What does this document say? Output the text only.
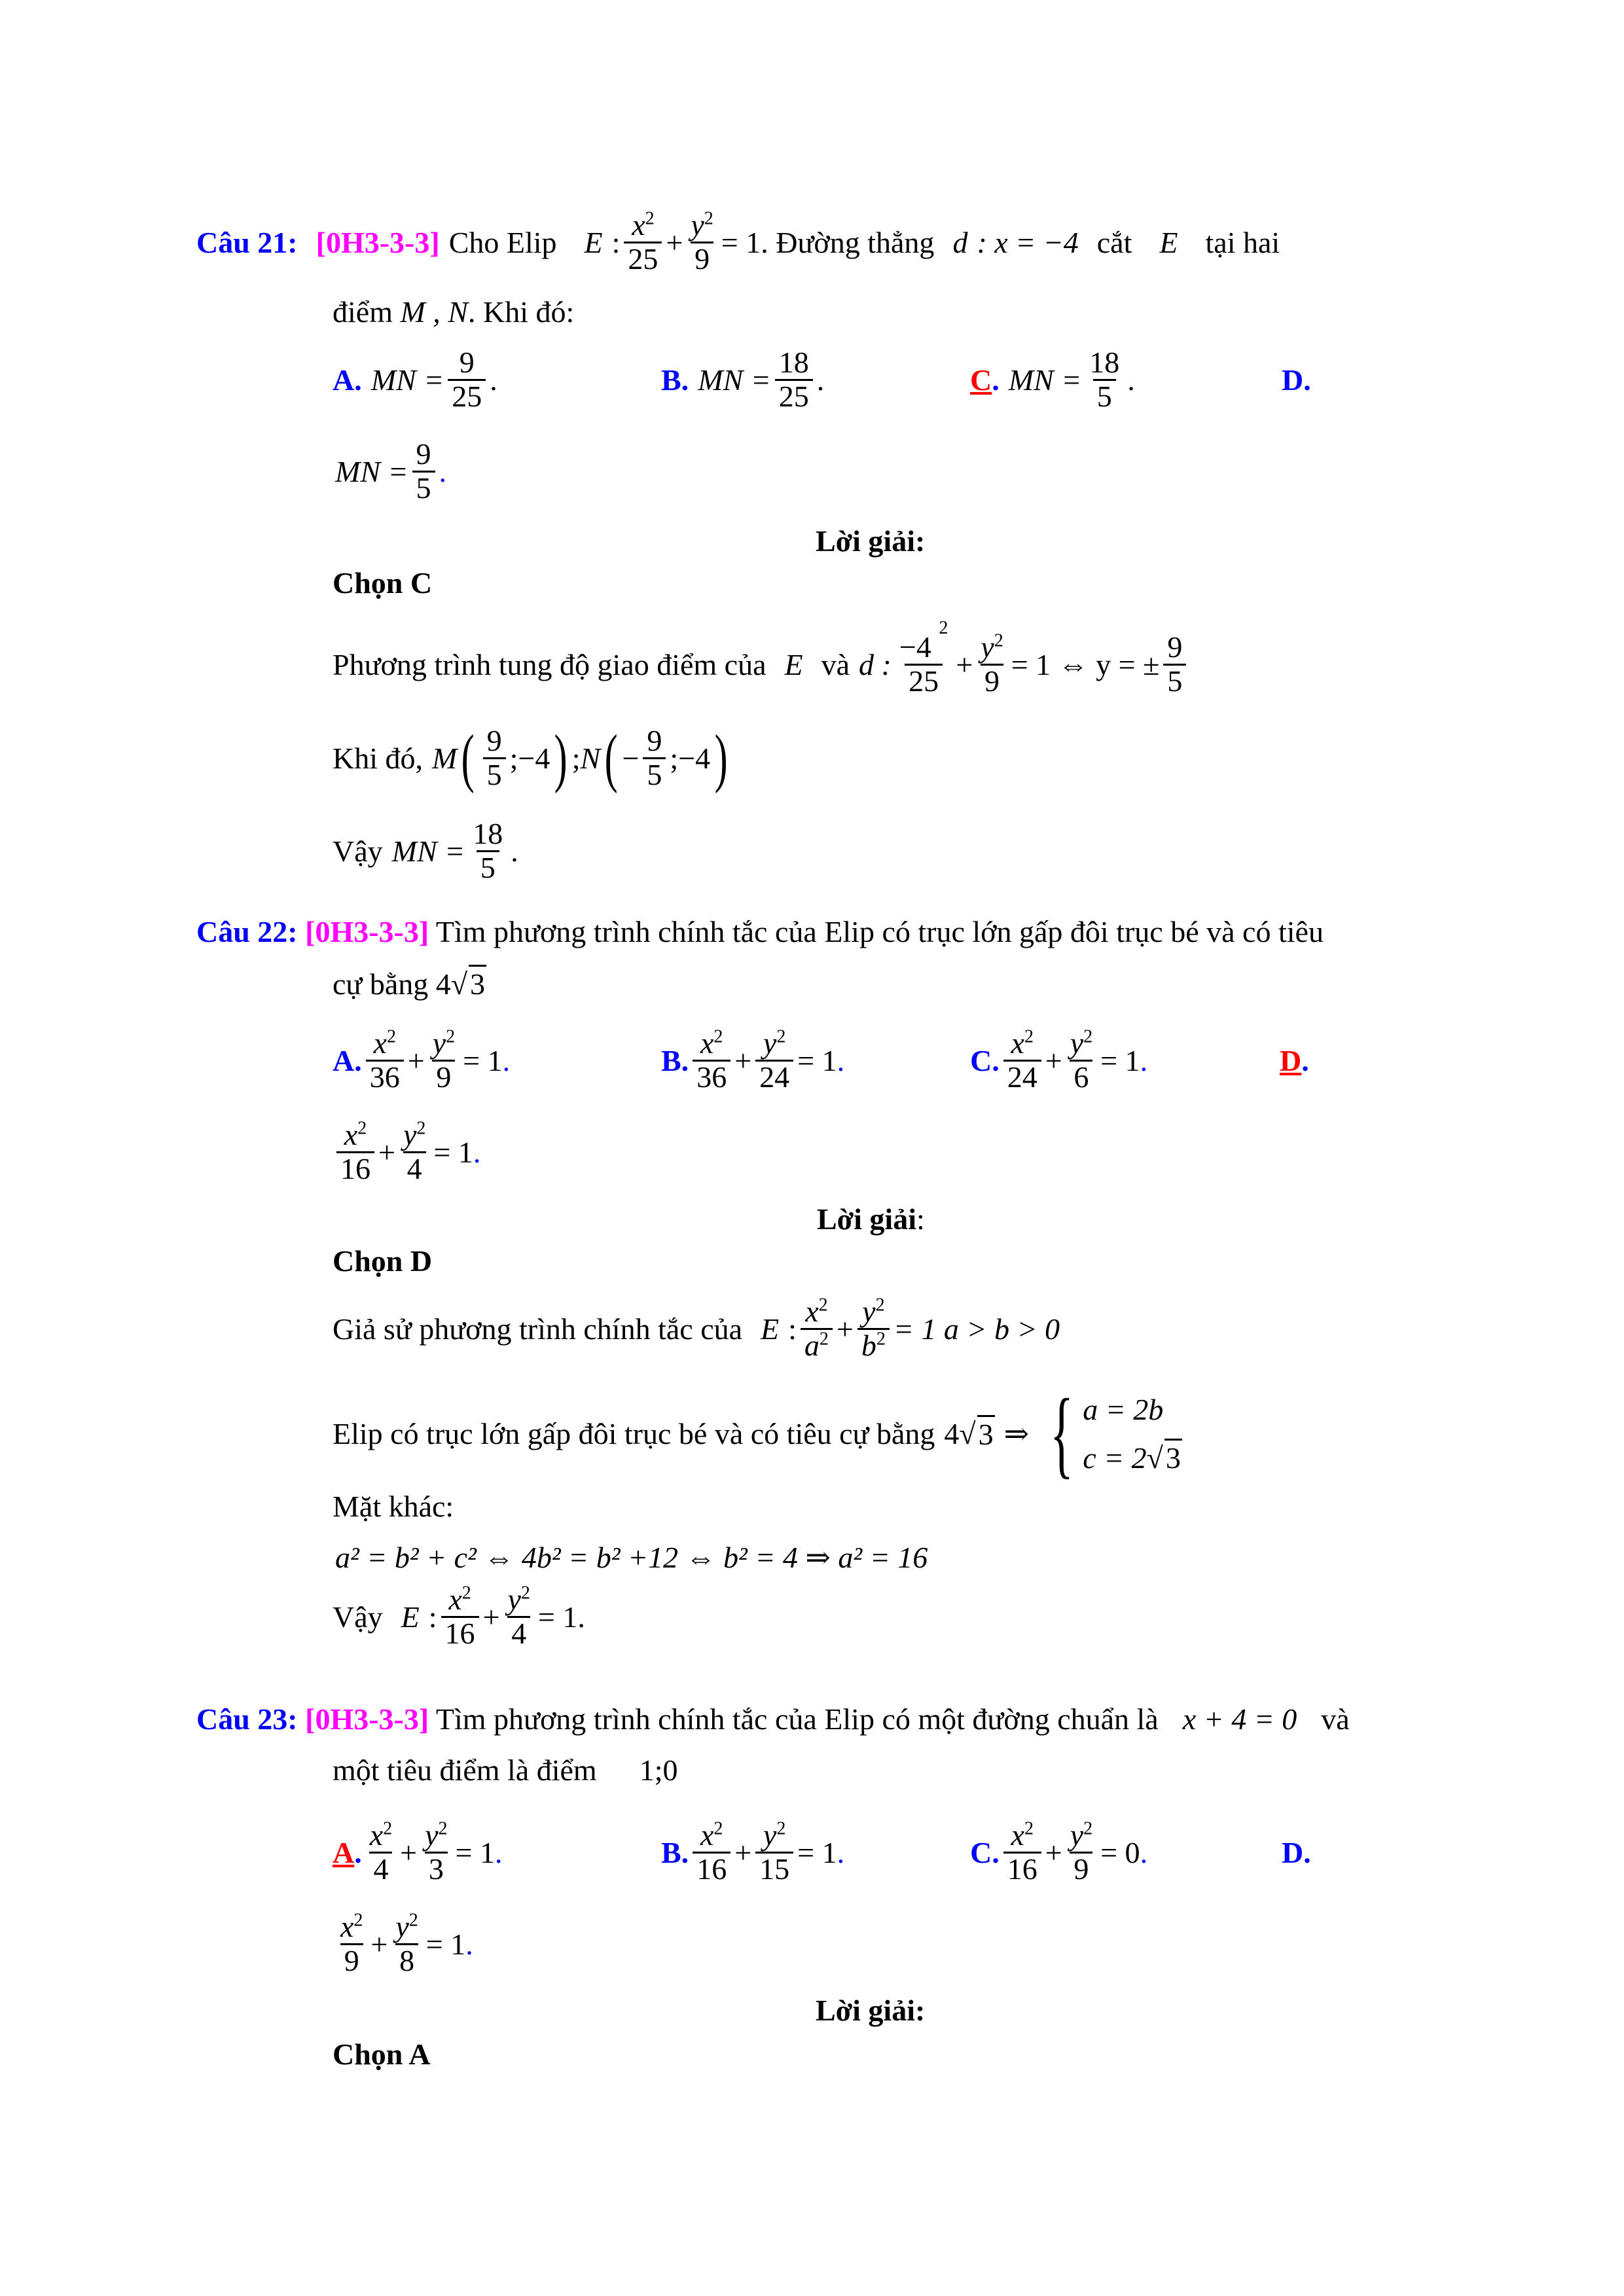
Câu 21: [0H3-3-3] Cho Elip E : $\frac{x^2}{25} + \frac{y^2}{9} = 1$ . Đường thẳng d : x = −4 cắt E tại hai
điểm M , N. Khi đó:
A. MN = $\frac{9}{25}$ .	B. MN = $\frac{18}{25}$ .	C . MN = $\frac{18}{5}$ .	D.
MN = $\frac{9}{5}$ .
Lời giải:
Chọn C
Phương trình tung độ giao điểm của E và d : $\frac{-4 ^2}{25} + \frac{y^2}{9} = 1$ ⇔ y = ± $\frac{9}{5}$
Khi đó, M ( $\frac{9}{5}$ ;−4 ) ; N ( − $\frac{9}{5}$ ;−4 )
Vậy MN = $\frac{18}{5}$ .
Câu 22: [0H3-3-3] Tìm phương trình chính tắc của Elip có trục lớn gấp đôi trục bé và có tiêu
cự bằng 4√3
A. $\frac{x^2}{36} + \frac{y^2}{9} = 1$ .	B. $\frac{x^2}{36} + \frac{y^2}{24} = 1$ .	C. $\frac{x^2}{24} + \frac{y^2}{6} = 1$ .	D .
$\frac{x^2}{16} + \frac{y^2}{4} = 1$ .
Lời giải:
Chọn D
Giả sử phương trình chính tắc của E : $\frac{x^2}{a^2} + \frac{y^2}{b^2} = 1$ a > b > 0
Elip có trục lớn gấp đôi trục bé và có tiêu cự bằng 4 √ 3 ⇒ { a = 2b
c = 2√3
Mặt khác:
a² = b² + c² ⇔ 4b² = b² +12 ⇔ b² = 4 ⇒ a² = 16
Vậy E : $\frac{x^2}{16} + \frac{y^2}{4} = 1$ .
Câu 23: [0H3-3-3] Tìm phương trình chính tắc của Elip có một đường chuẩn là x + 4 = 0 và
một tiêu điểm là điểm 1;0
A . $\frac{x^2}{4} + \frac{y^2}{3} = 1$ .	B. $\frac{x^2}{16} + \frac{y^2}{15} = 1$ .	C. $\frac{x^2}{16} + \frac{y^2}{9} = 0$ .	D.
$\frac{x^2}{9} + \frac{y^2}{8} = 1$ .
Lời giải:
Chọn A
